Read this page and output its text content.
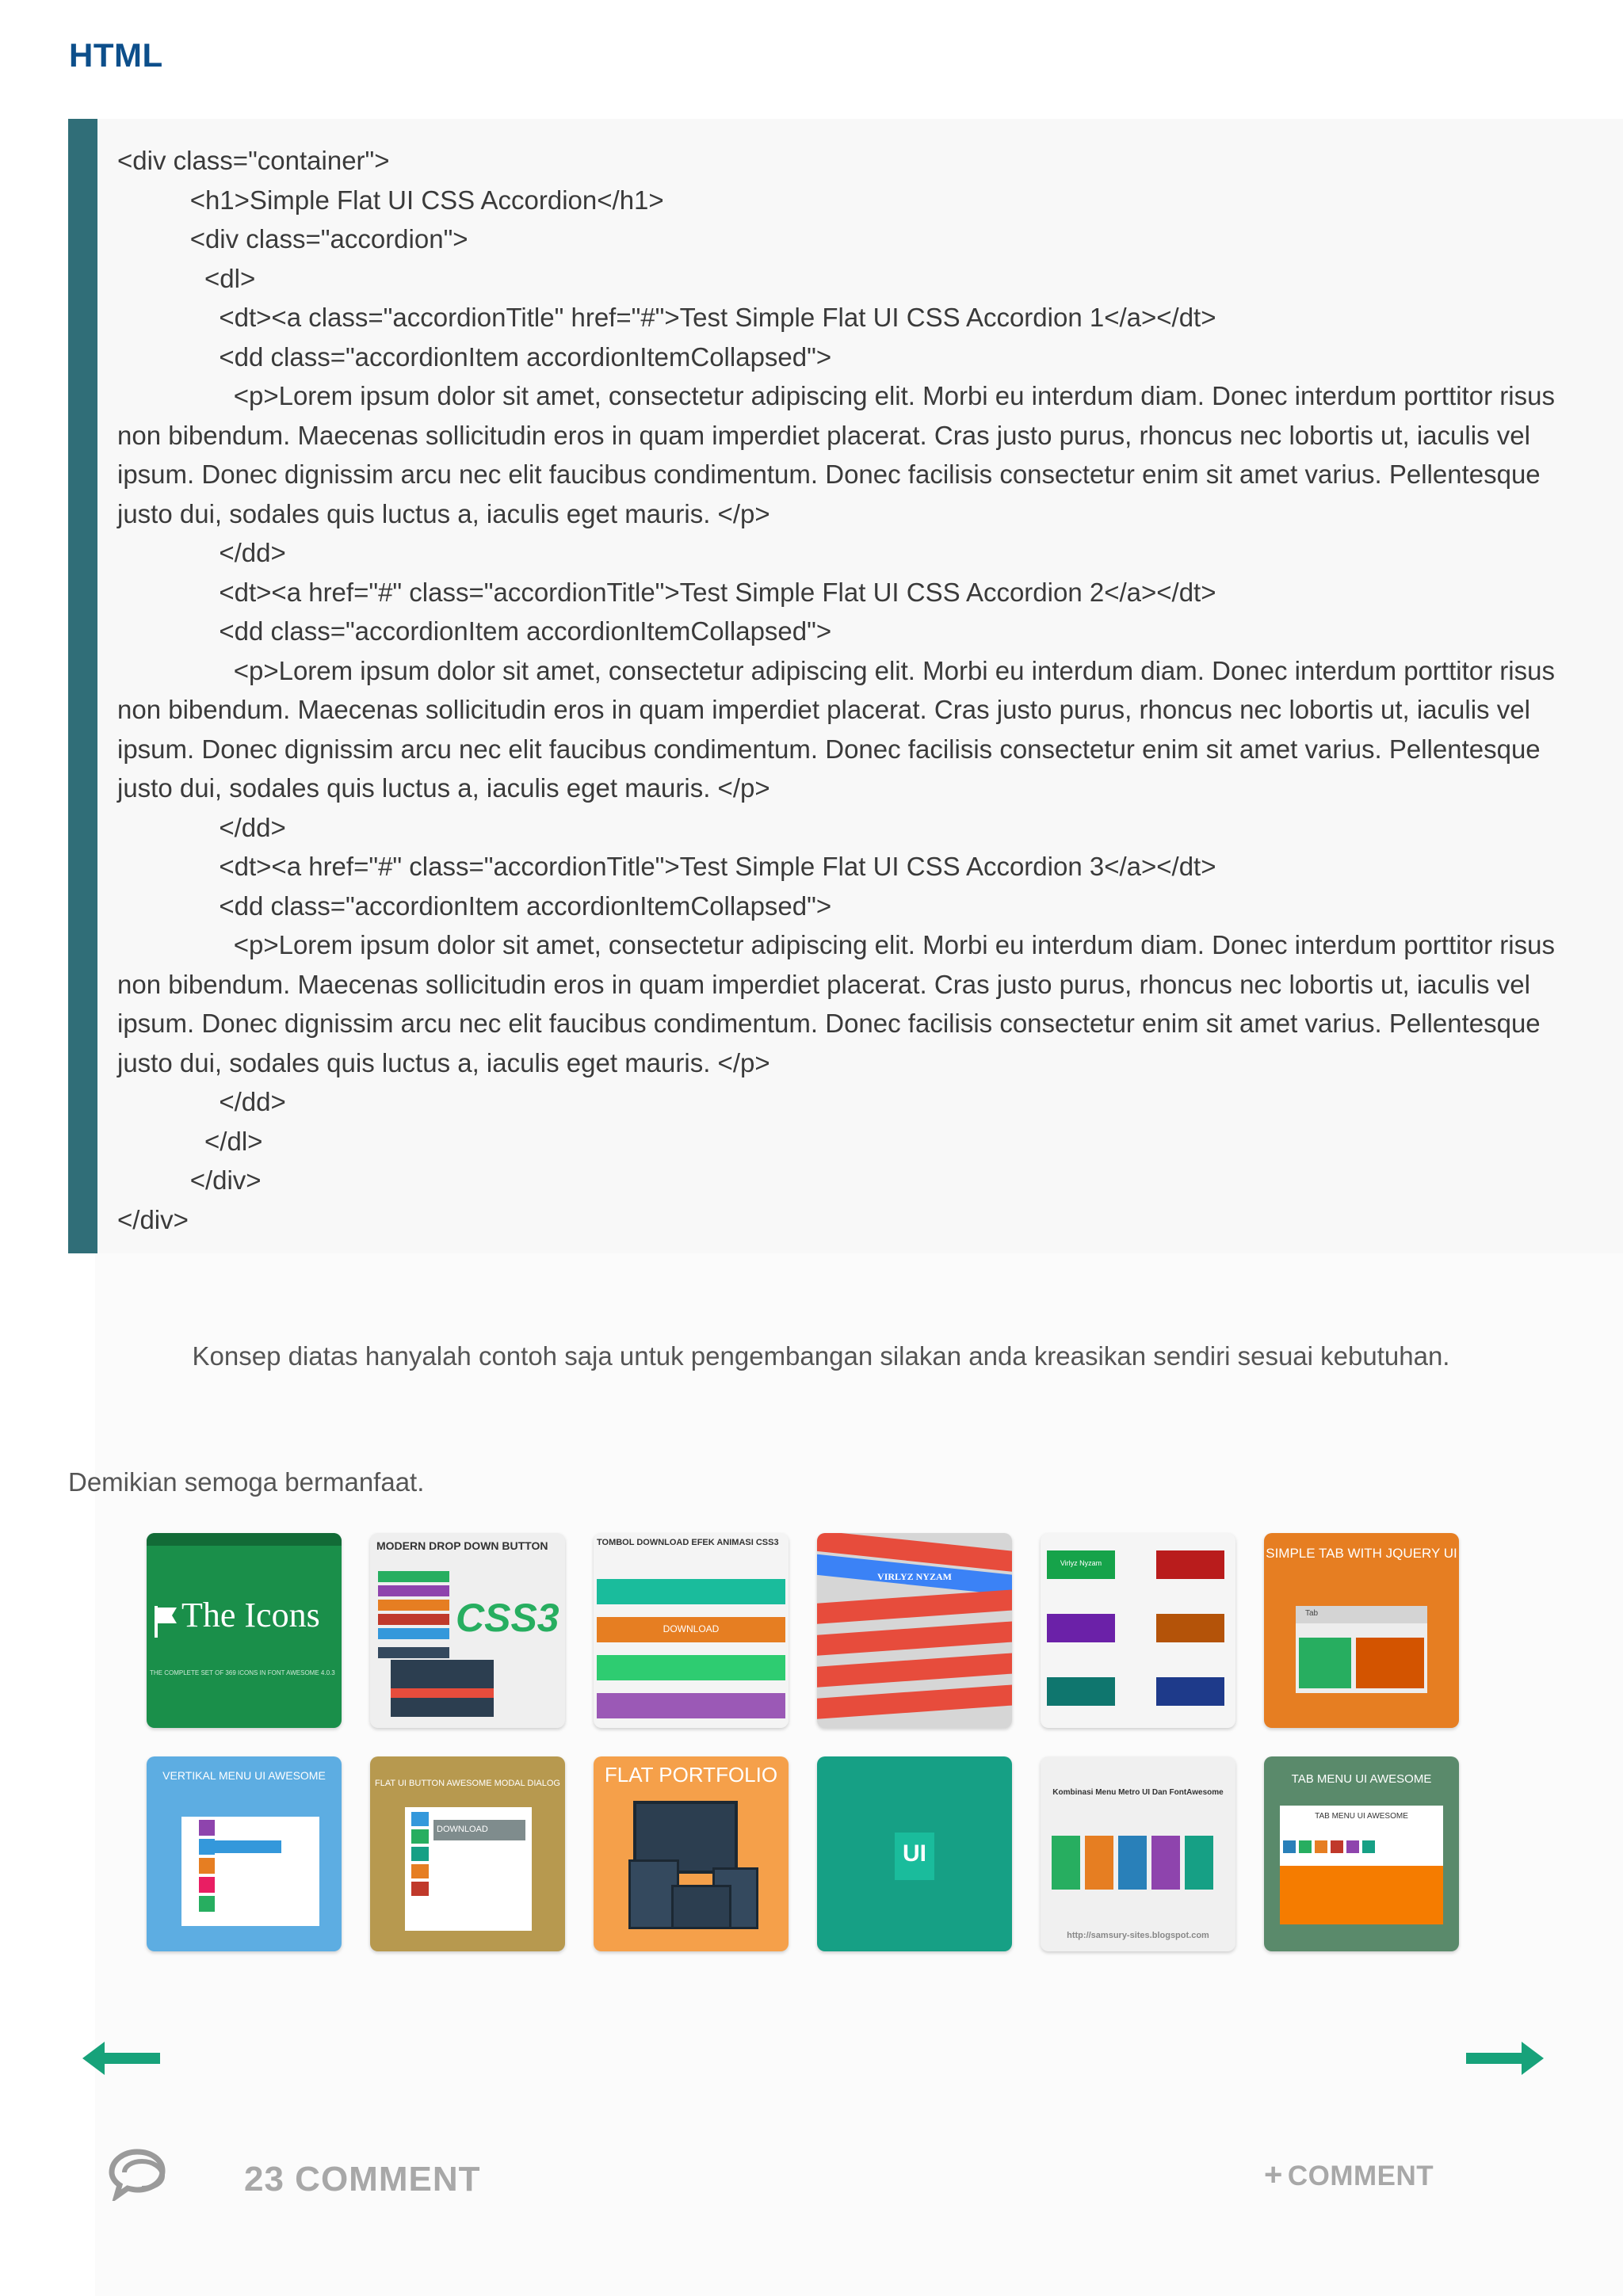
HTML
<div class="container">
<h1>Simple Flat UI CSS Accordion</h1>
<div class="accordion">
<dl>
<dt><a class="accordionTitle" href="#">Test Simple Flat UI CSS Accordion 1</a></dt>
<dd class="accordionItem accordionItemCollapsed">
<p>Lorem ipsum dolor sit amet, consectetur adipiscing elit. Morbi eu interdum diam. Donec interdum porttitor risus non bibendum. Maecenas sollicitudin eros in quam imperdiet placerat. Cras justo purus, rhoncus nec lobortis ut, iaculis vel ipsum. Donec dignissim arcu nec elit faucibus condimentum. Donec facilisis consectetur enim sit amet varius. Pellentesque justo dui, sodales quis luctus a, iaculis eget mauris. </p>
</dd>
<dt><a href="#" class="accordionTitle">Test Simple Flat UI CSS Accordion 2</a></dt>
<dd class="accordionItem accordionItemCollapsed">
<p>Lorem ipsum dolor sit amet, consectetur adipiscing elit. Morbi eu interdum diam. Donec interdum porttitor risus non bibendum. Maecenas sollicitudin eros in quam imperdiet placerat. Cras justo purus, rhoncus nec lobortis ut, iaculis vel ipsum. Donec dignissim arcu nec elit faucibus condimentum. Donec facilisis consectetur enim sit amet varius. Pellentesque justo dui, sodales quis luctus a, iaculis eget mauris. </p>
</dd>
<dt><a href="#" class="accordionTitle">Test Simple Flat UI CSS Accordion 3</a></dt>
<dd class="accordionItem accordionItemCollapsed">
<p>Lorem ipsum dolor sit amet, consectetur adipiscing elit. Morbi eu interdum diam. Donec interdum porttitor risus non bibendum. Maecenas sollicitudin eros in quam imperdiet placerat. Cras justo purus, rhoncus nec lobortis ut, iaculis vel ipsum. Donec dignissim arcu nec elit faucibus condimentum. Donec facilisis consectetur enim sit amet varius. Pellentesque justo dui, sodales quis luctus a, iaculis eget mauris. </p>
</dd>
</dl>
</div>
</div>

Konsep diatas hanyalah contoh saja untuk pengembangan silakan anda kreasikan sendiri sesuai kebutuhan.

Demikian semoga bermanfaat.

The Icons
THE COMPLETE SET OF 369 ICONS IN FONT AWESOME 4.0.3
MODERN DROP DOWN BUTTON
CSS3
TOMBOL DOWNLOAD EFEK ANIMASI CSS3
DOWNLOAD
VIRLYZ NYZAM
Virlyz Nyzam
SIMPLE TAB WITH JQUERY UI
Tab
VERTIKAL MENU UI AWESOME
FLAT UI BUTTON AWESOME MODAL DIALOG
DOWNLOAD
FLAT PORTFOLIO
UI
Kombinasi Menu Metro UI Dan FontAwesome
http://samsury-sites.blogspot.com
TAB MENU UI AWESOME
TAB MENU UI AWESOME
23 COMMENT	+ COMMENT
